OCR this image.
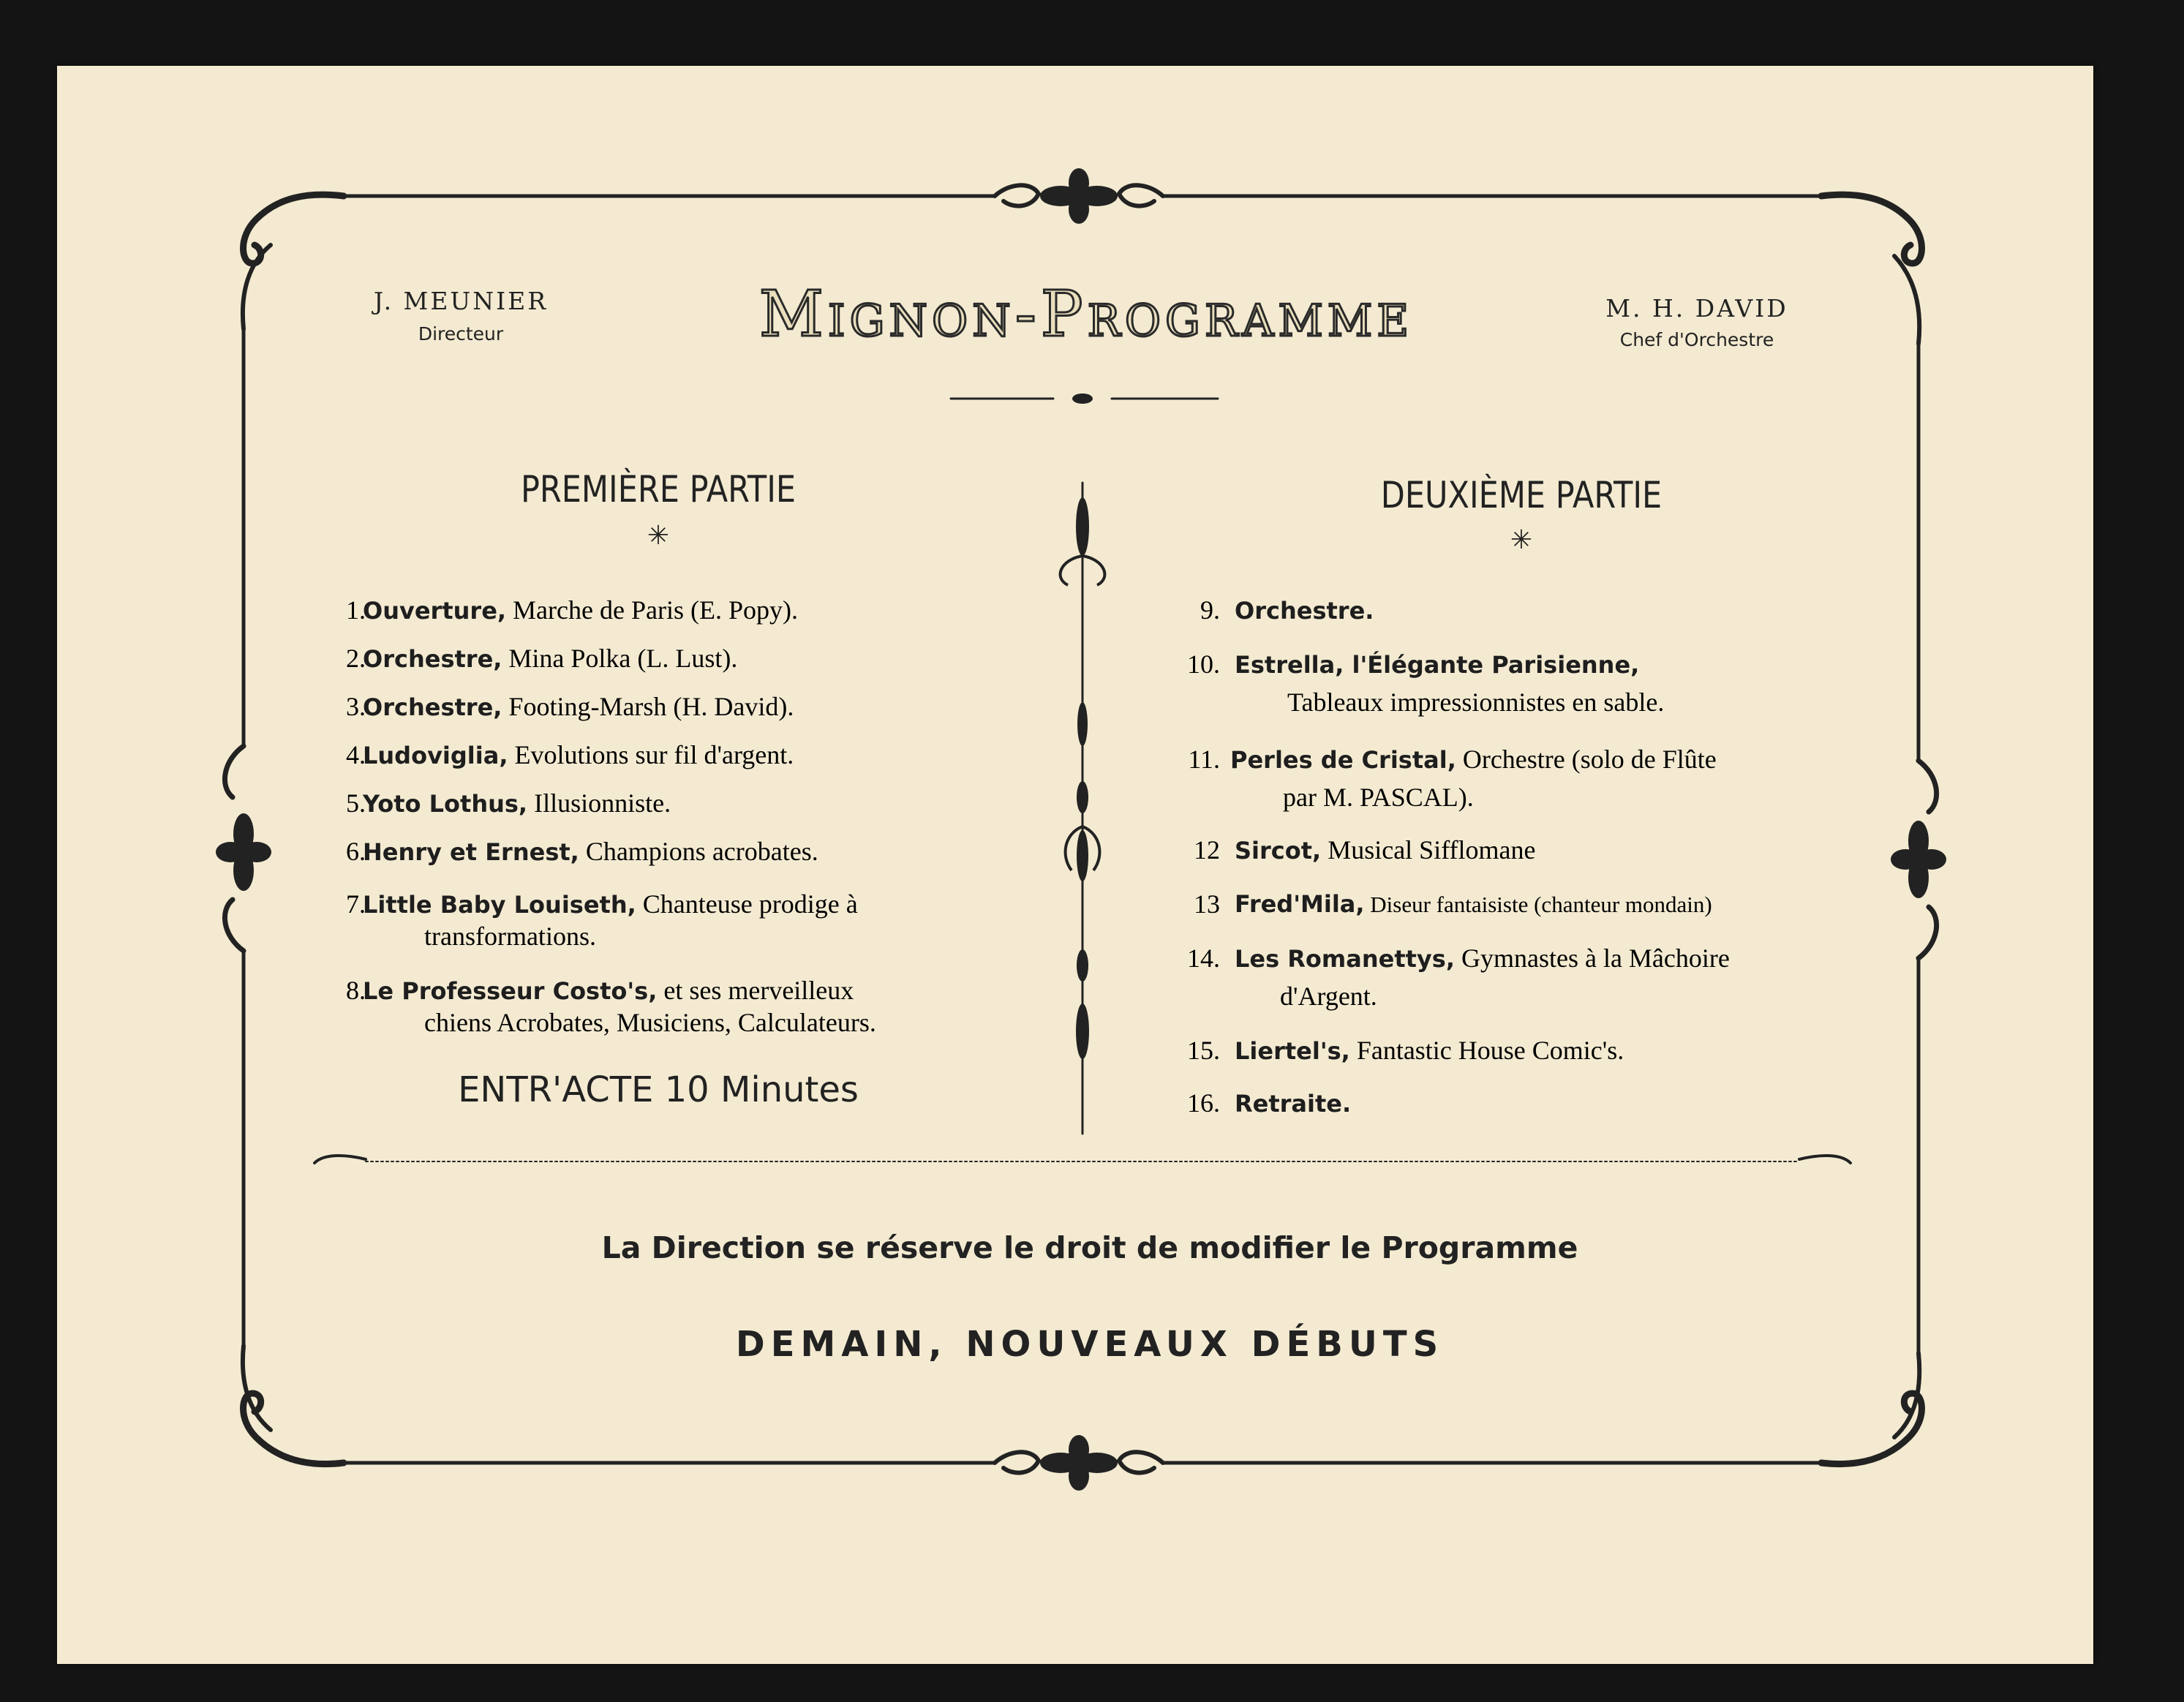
J. MEUNIER
Directeur	Mignon-Programme	M. H. DAVID
Chef d'Orchestre
PREMIÈRE PARTIE
✳
DEUXIÈME PARTIE
✳
1.
Ouverture, Marche de Paris (E. Popy).
2.
Orchestre, Mina Polka (L. Lust).
3.
Orchestre, Footing-Marsh (H. David).
4.
Ludoviglia, Evolutions sur fil d'argent.
5.
Yoto Lothus, Illusionniste.
6.
Henry et Ernest, Champions acrobates.
7.
Little Baby Louiseth, Chanteuse prodige à
transformations.
8.
Le Professeur Costo's, et ses merveilleux
chiens Acrobates, Musiciens, Calculateurs.
ENTR'ACTE 10 Minutes
9. Orchestre.
10. Estrella, l'Élégante Parisienne,
Tableaux impressionnistes en sable.
11. Perles de Cristal, Orchestre (solo de Flûte
par M. PASCAL).
12 Sircot, Musical Sifflomane
13 Fred'Mila, Diseur fantaisiste (chanteur mondain)
14. Les Romanettys, Gymnastes à la Mâchoire
d'Argent.
15. Liertel's, Fantastic House Comic's.
16. Retraite.
La Direction se réserve le droit de modifier le Programme
DEMAIN, NOUVEAUX DÉBUTS
